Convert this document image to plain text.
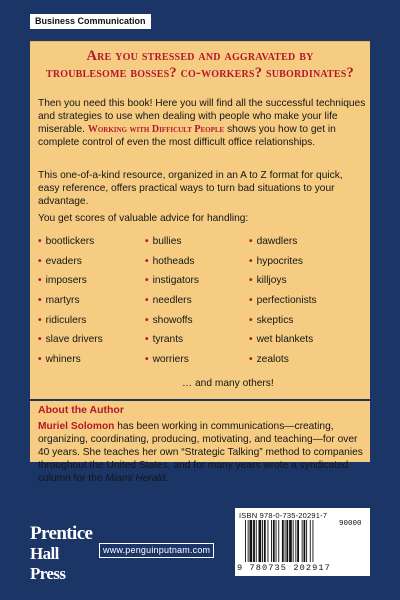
Business Communication
Are you stressed and aggravated by
troublesome bosses? co-workers? subordinates?
Then you need this book! Here you will find all the successful techniques and strategies to use when dealing with people who make your life miserable. Working with Difficult People shows you how to get in complete control of even the most difficult office relationships.
This one-of-a-kind resource, organized in an A to Z format for quick, easy reference, offers practical ways to turn bad situations to your advantage.
You get scores of valuable advice for handling:
• bootlickers
• evaders
• imposers
• martyrs
• ridiculers
• slave drivers
• whiners
• bullies
• hotheads
• instigators
• needlers
• showoffs
• tyrants
• worriers
• dawdlers
• hypocrites
• killjoys
• perfectionists
• skeptics
• wet blankets
• zealots
… and many others!
About the Author
Muriel Solomon has been working in communications—creating, organizing, coordinating, producing, motivating, and teaching—for over 40 years. She teaches her own “Strategic Talking” method to companies throughout the United States, and for many years wrote a syndicated column for the Miami Herald.
Prentice
Hall Press
www.penguinputnam.com
ISBN 978-0-735-20291-7
90000
9 780735 202917
